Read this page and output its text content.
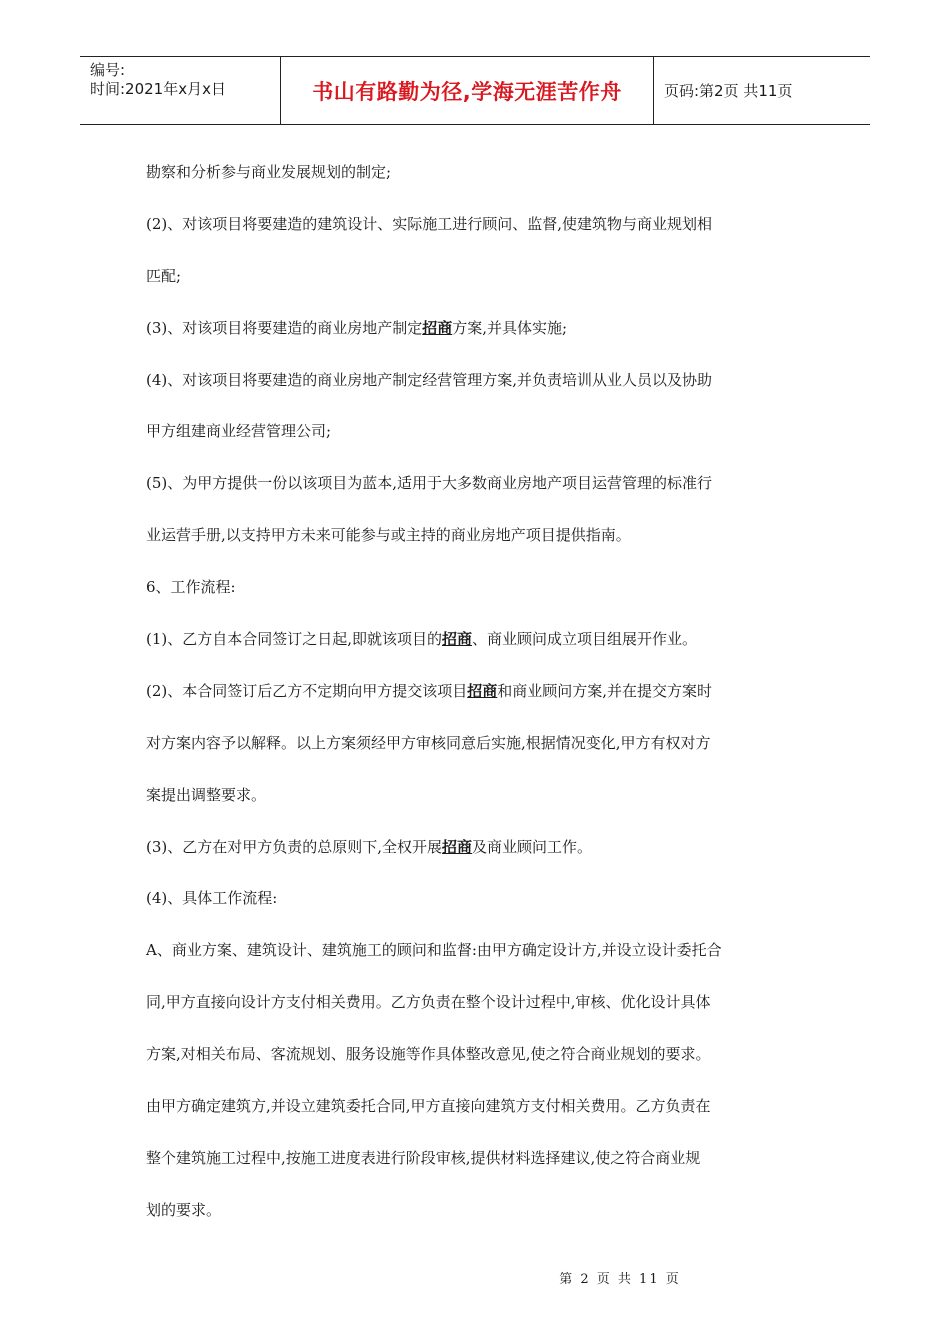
编号:
时间:2021年x月x日	书山有路勤为径,学海无涯苦作舟	页码:第2页 共11页
勘察和分析参与商业发展规划的制定;
(2)、对该项目将要建造的建筑设计、实际施工进行顾问、监督,使建筑物与商业规划相
匹配;
(3)、对该项目将要建造的商业房地产制定招商方案,并具体实施;
(4)、对该项目将要建造的商业房地产制定经营管理方案,并负责培训从业人员以及协助
甲方组建商业经营管理公司;
(5)、为甲方提供一份以该项目为蓝本,适用于大多数商业房地产项目运营管理的标准行
业运营手册,以支持甲方未来可能参与或主持的商业房地产项目提供指南。
6、工作流程:
(1)、乙方自本合同签订之日起,即就该项目的招商、商业顾问成立项目组展开作业。
(2)、本合同签订后乙方不定期向甲方提交该项目招商和商业顾问方案,并在提交方案时
对方案内容予以解释。以上方案须经甲方审核同意后实施,根据情况变化,甲方有权对方
案提出调整要求。
(3)、乙方在对甲方负责的总原则下,全权开展招商及商业顾问工作。
(4)、具体工作流程:
A、商业方案、建筑设计、建筑施工的顾问和监督:由甲方确定设计方,并设立设计委托合
同,甲方直接向设计方支付相关费用。乙方负责在整个设计过程中,审核、优化设计具体
方案,对相关布局、客流规划、服务设施等作具体整改意见,使之符合商业规划的要求。
由甲方确定建筑方,并设立建筑委托合同,甲方直接向建筑方支付相关费用。乙方负责在
整个建筑施工过程中,按施工进度表进行阶段审核,提供材料选择建议,使之符合商业规
划的要求。
第 2 页 共 11 页
